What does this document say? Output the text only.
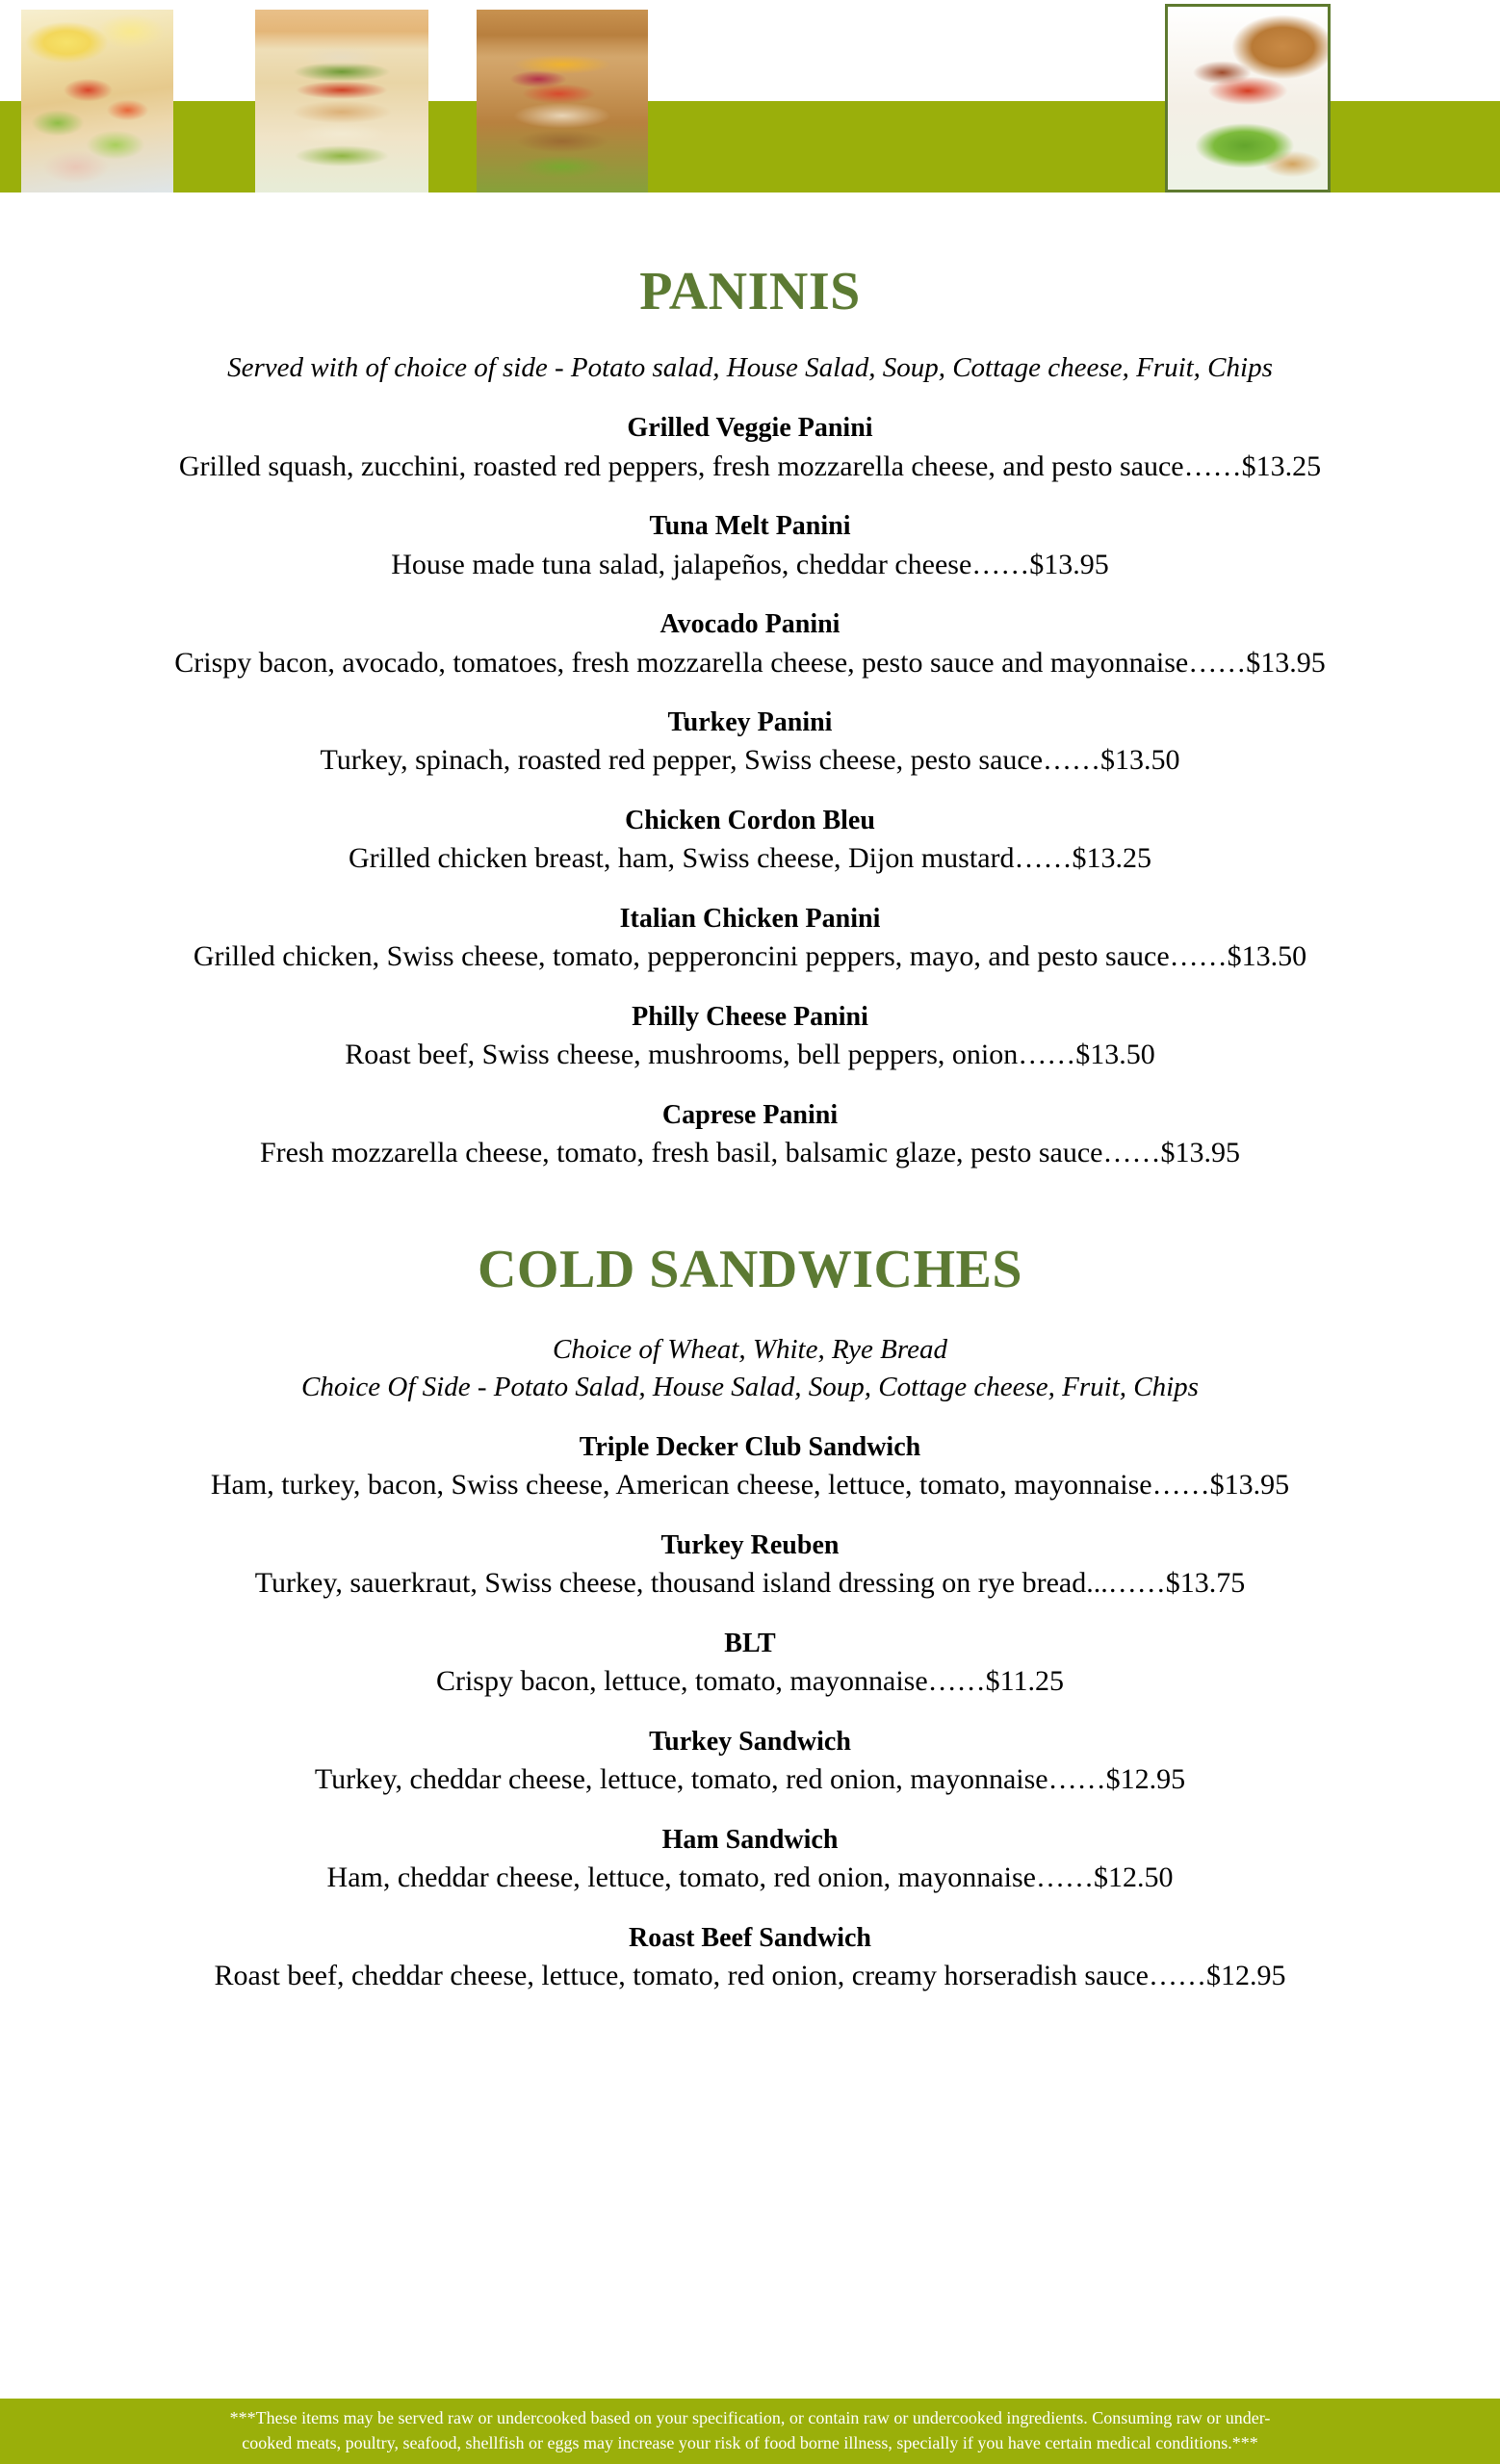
PANINIS
Served with of choice of side - Potato salad, House Salad, Soup, Cottage cheese, Fruit, Chips
Grilled Veggie Panini
Grilled squash, zucchini, roasted red peppers, fresh mozzarella cheese, and pesto sauce……$13.25
Tuna Melt Panini
House made tuna salad, jalapeños, cheddar cheese……$13.95
Avocado Panini
Crispy bacon, avocado, tomatoes, fresh mozzarella cheese, pesto sauce and mayonnaise……$13.95
Turkey Panini
Turkey, spinach, roasted red pepper, Swiss cheese, pesto sauce……$13.50
Chicken Cordon Bleu
Grilled chicken breast, ham, Swiss cheese, Dijon mustard……$13.25
Italian Chicken Panini
Grilled chicken, Swiss cheese, tomato, pepperoncini peppers, mayo, and pesto sauce……$13.50
Philly Cheese Panini
Roast beef, Swiss cheese, mushrooms, bell peppers, onion……$13.50
Caprese Panini
Fresh mozzarella cheese, tomato, fresh basil, balsamic glaze, pesto sauce……$13.95
COLD SANDWICHES
Choice of Wheat, White, Rye Bread
Choice Of Side - Potato Salad, House Salad, Soup, Cottage cheese, Fruit, Chips
Triple Decker Club Sandwich
Ham, turkey, bacon, Swiss cheese, American cheese, lettuce, tomato, mayonnaise……$13.95
Turkey Reuben
Turkey, sauerkraut, Swiss cheese, thousand island dressing on rye bread...……$13.75
BLT
Crispy bacon, lettuce, tomato, mayonnaise……$11.25
Turkey Sandwich
Turkey, cheddar cheese, lettuce, tomato, red onion, mayonnaise……$12.95
Ham Sandwich
Ham, cheddar cheese, lettuce, tomato, red onion, mayonnaise……$12.50
Roast Beef Sandwich
Roast beef, cheddar cheese, lettuce, tomato, red onion, creamy horseradish sauce……$12.95
***These items may be served raw or undercooked based on your specification, or contain raw or undercooked ingredients. Consuming raw or under-
cooked meats, poultry, seafood, shellfish or eggs may increase your risk of food borne illness, specially if you have certain medical conditions.***
